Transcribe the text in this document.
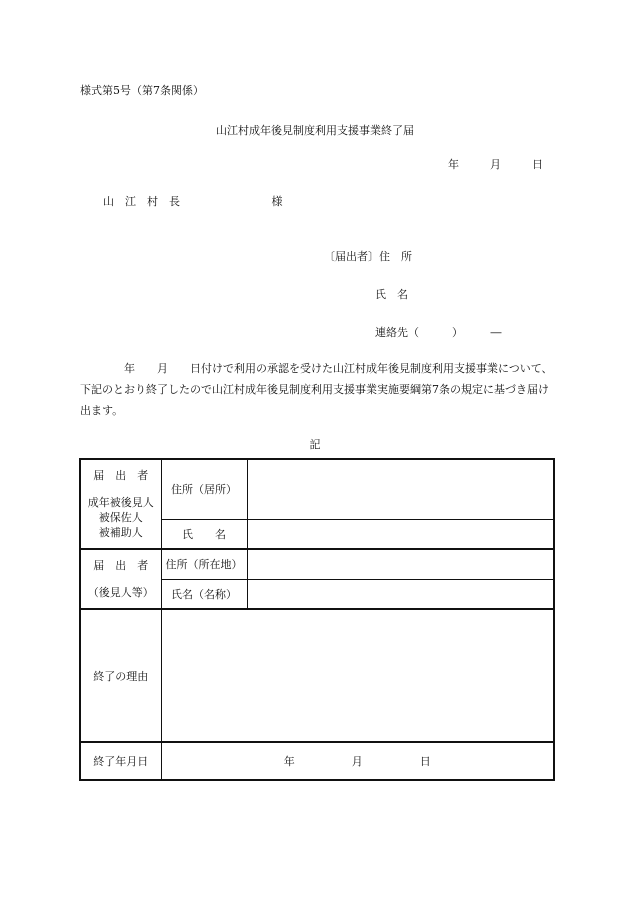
様式第5号（第7条関係）
山江村成年後見制度利用支援事業終了届
年	月	日
山　江　村　長	様
〔届出者〕住　所
氏　名
連絡先（　　　）　　　―
　　　　年　　月　　日付けで利用の承認を受けた山江村成年後見制度利用支援事業について、下記のとおり終了したので山江村成年後見制度利用支援事業実施要綱第7条の規定に基づき届け出ます。
記
届　出　者
成年被後見人
被保佐人
被補助人	住所（居所）	
	氏　　名	

届　出　者
（後見人等）	住所（所在地）	
	氏名（名称）	
終了の理由		
終了年月日	年 月 日	
